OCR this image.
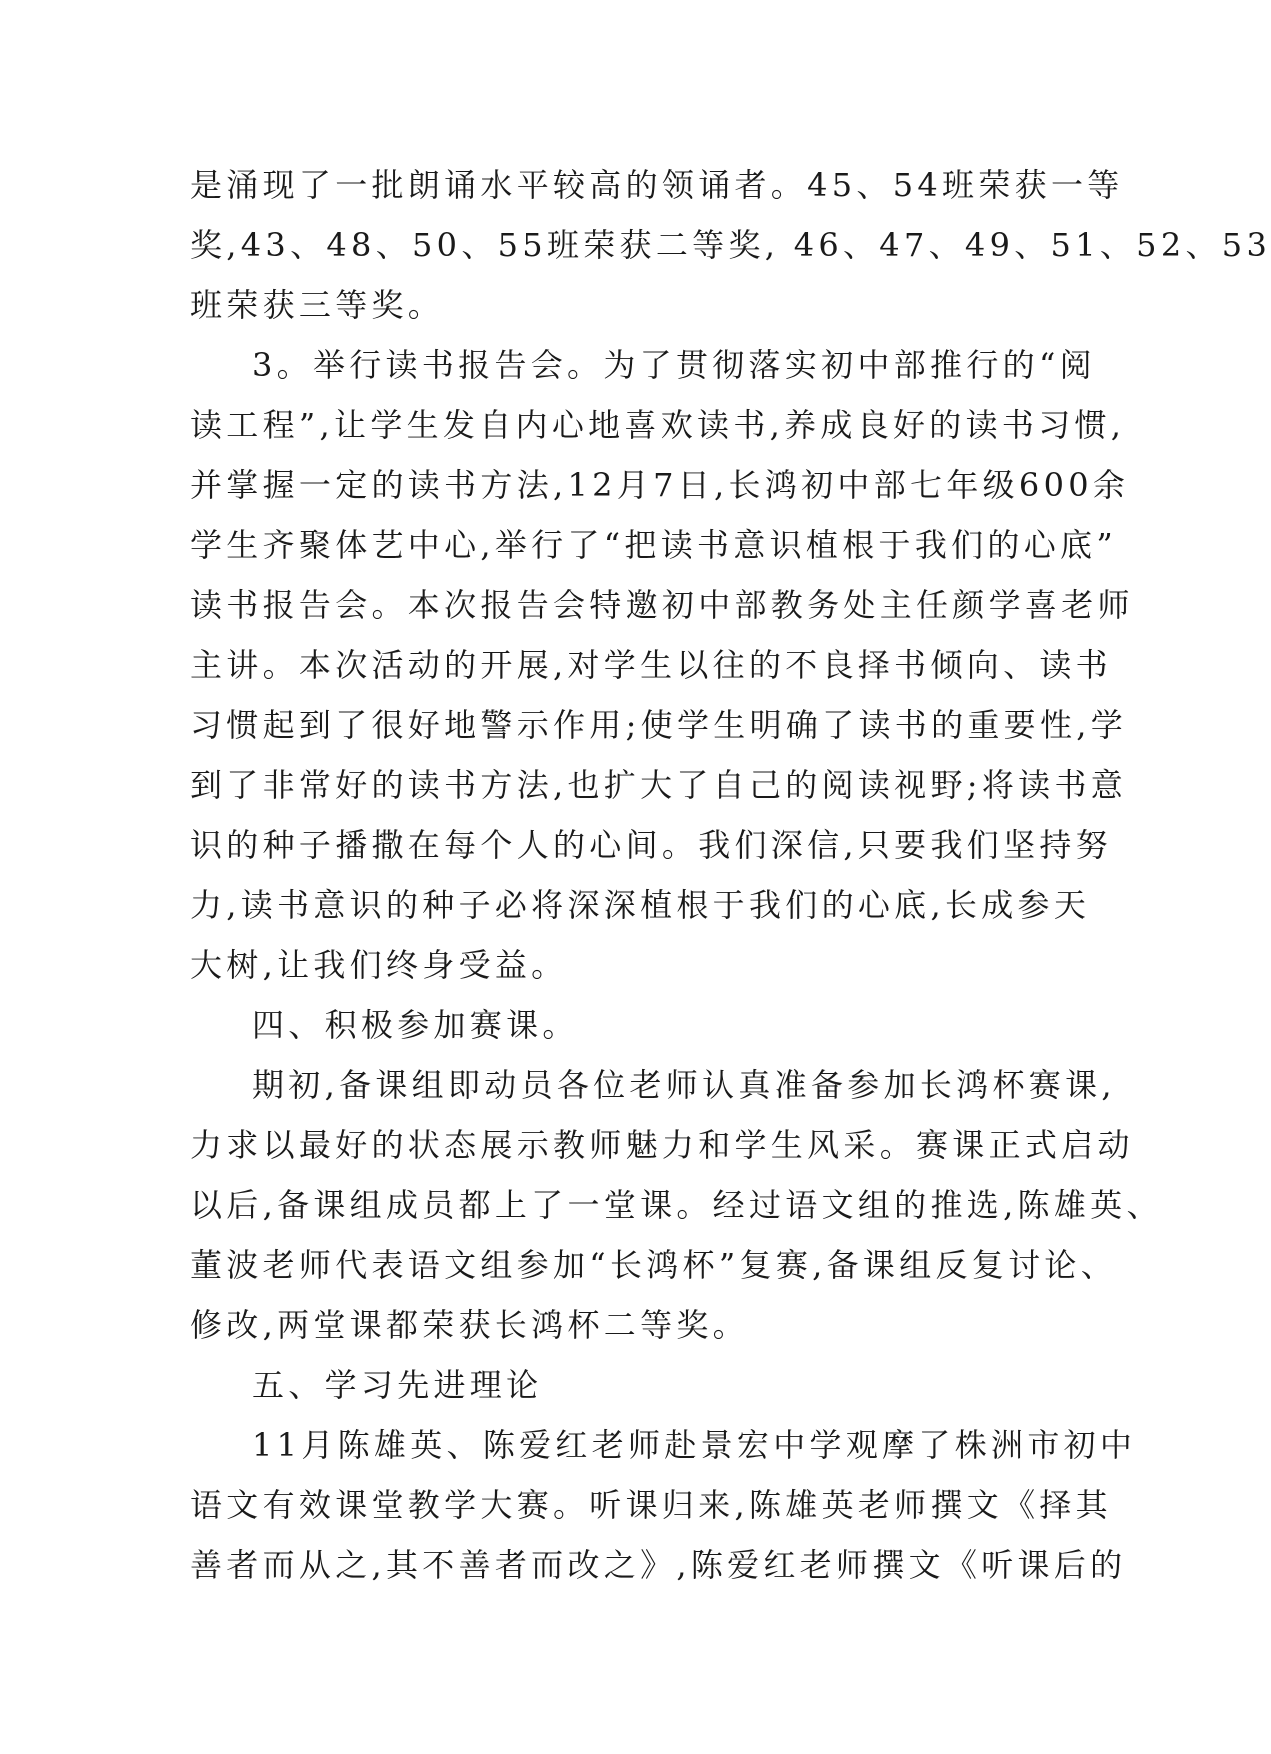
是涌现了一批朗诵水平较高的领诵者。45、54班荣获一等

奖,43、48、50、55班荣获二等奖, 46、47、49、51、52、53

班荣获三等奖。

3。举行读书报告会。为了贯彻落实初中部推行的“阅

读工程”,让学生发自内心地喜欢读书,养成良好的读书习惯,

并掌握一定的读书方法,12月7日,长鸿初中部七年级600余

学生齐聚体艺中心,举行了“把读书意识植根于我们的心底”

读书报告会。本次报告会特邀初中部教务处主任颜学喜老师

主讲。本次活动的开展,对学生以往的不良择书倾向、读书

习惯起到了很好地警示作用;使学生明确了读书的重要性,学

到了非常好的读书方法,也扩大了自己的阅读视野;将读书意

识的种子播撒在每个人的心间。我们深信,只要我们坚持努

力,读书意识的种子必将深深植根于我们的心底,长成参天

大树,让我们终身受益。

四、积极参加赛课。

期初,备课组即动员各位老师认真准备参加长鸿杯赛课,

力求以最好的状态展示教师魅力和学生风采。赛课正式启动

以后,备课组成员都上了一堂课。经过语文组的推选,陈雄英、

董波老师代表语文组参加“长鸿杯”复赛,备课组反复讨论、

修改,两堂课都荣获长鸿杯二等奖。

五、学习先进理论

11月陈雄英、陈爱红老师赴景宏中学观摩了株洲市初中

语文有效课堂教学大赛。听课归来,陈雄英老师撰文《择其

善者而从之,其不善者而改之》,陈爱红老师撰文《听课后的
